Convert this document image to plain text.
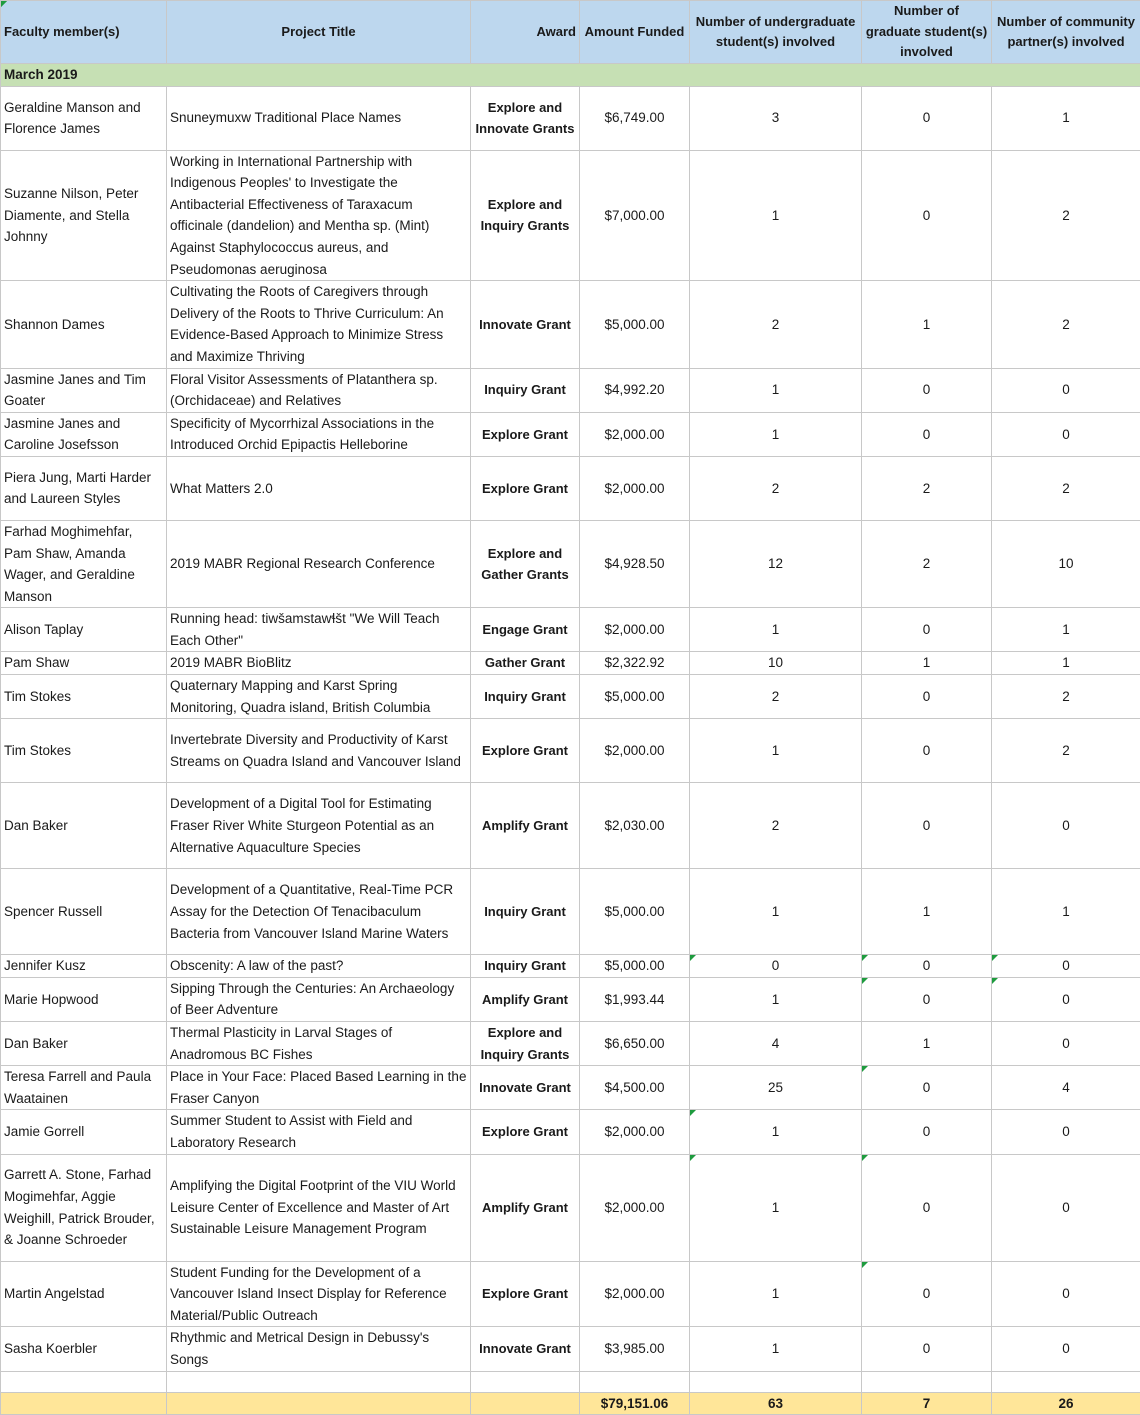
Faculty member(s)	Project Title	Award	Amount Funded	Number of undergraduate student(s) involved	Number of graduate student(s) involved	Number of community partner(s) involved
March 2019						
Geraldine Manson and Florence James	Snuneymuxw Traditional Place Names	Explore and Innovate Grants	$6,749.00	3	0	1
Suzanne Nilson, Peter Diamente, and Stella Johnny	Working in International Partnership with Indigenous Peoples' to Investigate the Antibacterial Effectiveness of Taraxacum officinale (dandelion) and Mentha sp. (Mint) Against Staphylococcus aureus, and Pseudomonas aeruginosa	Explore and Inquiry Grants	$7,000.00	1	0	2
Shannon Dames	Cultivating the Roots of Caregivers through Delivery of the Roots to Thrive Curriculum: An Evidence-Based Approach to Minimize Stress and Maximize Thriving	Innovate Grant	$5,000.00	2	1	2
Jasmine Janes and Tim Goater	Floral Visitor Assessments of Platanthera sp. (Orchidaceae) and Relatives	Inquiry Grant	$4,992.20	1	0	0
Jasmine Janes and Caroline Josefsson	Specificity of Mycorrhizal Associations in the Introduced Orchid Epipactis Helleborine	Explore Grant	$2,000.00	1	0	0
Piera Jung, Marti Harder and Laureen Styles	What Matters 2.0	Explore Grant	$2,000.00	2	2	2
Farhad Moghimehfar, Pam Shaw, Amanda Wager, and Geraldine Manson	2019 MABR Regional Research Conference	Explore and Gather Grants	$4,928.50	12	2	10
Alison Taplay	Running head: tiwšamstawɬšt "We Will Teach Each Other"	Engage Grant	$2,000.00	1	0	1
Pam Shaw	2019 MABR BioBlitz	Gather Grant	$2,322.92	10	1	1
Tim Stokes	Quaternary Mapping and Karst Spring Monitoring, Quadra island, British Columbia	Inquiry Grant	$5,000.00	2	0	2
Tim Stokes	Invertebrate Diversity and Productivity of Karst Streams on Quadra Island and Vancouver Island	Explore Grant	$2,000.00	1	0	2
Dan Baker	Development of a Digital Tool for Estimating Fraser River White Sturgeon Potential as an Alternative Aquaculture Species	Amplify Grant	$2,030.00	2	0	0
Spencer Russell	Development of a Quantitative, Real-Time PCR Assay for the Detection Of Tenacibaculum Bacteria from Vancouver Island Marine Waters	Inquiry Grant	$5,000.00	1	1	1
Jennifer Kusz	Obscenity: A law of the past?	Inquiry Grant	$5,000.00	0	0	0
Marie Hopwood	Sipping Through the Centuries: An Archaeology of Beer Adventure	Amplify Grant	$1,993.44	1	0	0
Dan Baker	Thermal Plasticity in Larval Stages of Anadromous BC Fishes	Explore and Inquiry Grants	$6,650.00	4	1	0
Teresa Farrell and Paula Waatainen	Place in Your Face: Placed Based Learning in the Fraser Canyon	Innovate Grant	$4,500.00	25	0	4
Jamie Gorrell	Summer Student to Assist with Field and Laboratory Research	Explore Grant	$2,000.00	1	0	0
Garrett A. Stone, Farhad Mogimehfar, Aggie Weighill, Patrick Brouder, & Joanne Schroeder	Amplifying the Digital Footprint of the VIU World Leisure Center of Excellence and Master of Art Sustainable Leisure Management Program	Amplify Grant	$2,000.00	1	0	0
Martin Angelstad	Student Funding for the Development of a Vancouver Island Insect Display for Reference Material/Public Outreach	Explore Grant	$2,000.00	1	0	0
Sasha Koerbler	Rhythmic and Metrical Design in Debussy's Songs	Innovate Grant	$3,985.00	1	0	0

			$79,151.06	63	7	26
